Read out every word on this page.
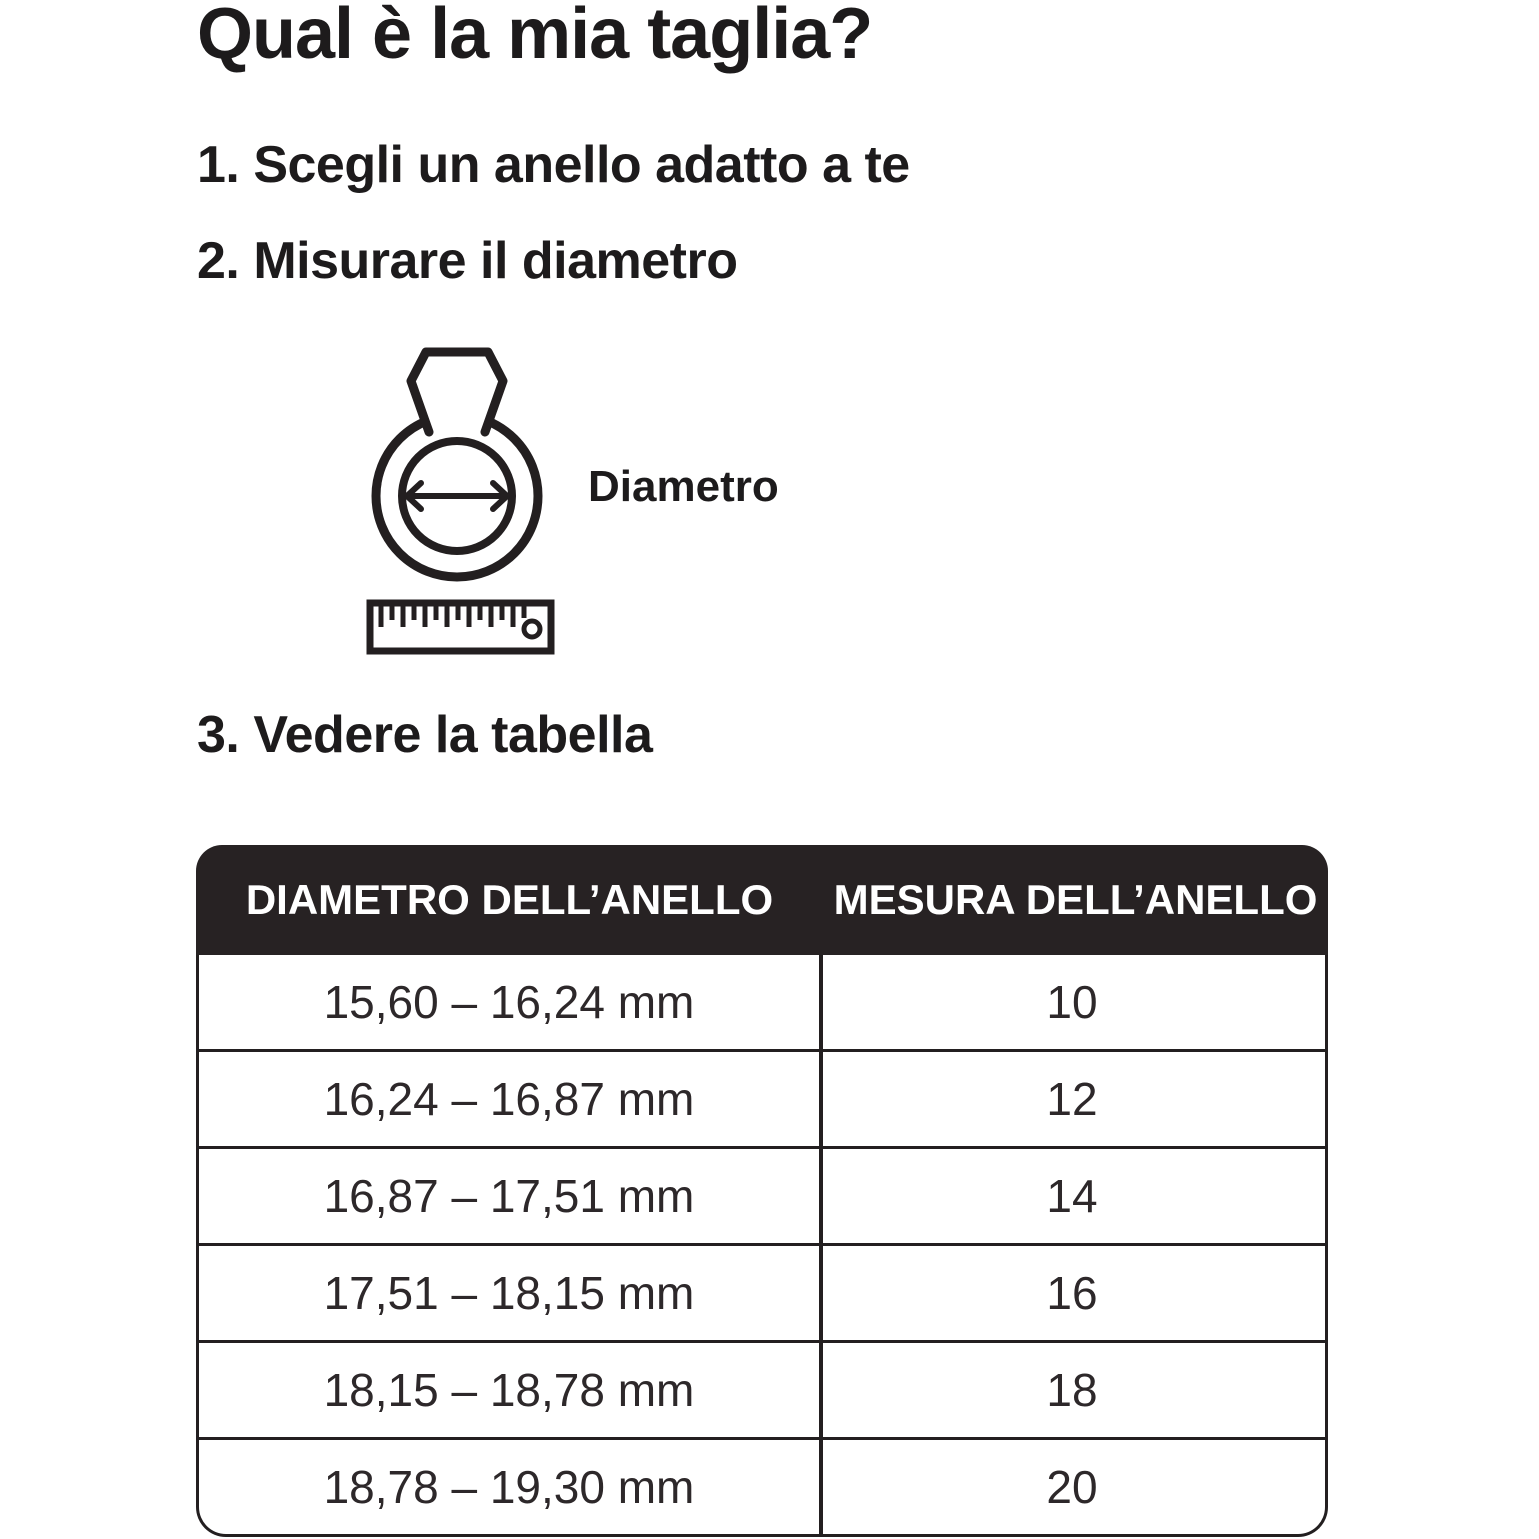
Qual è la mia taglia?
1. Scegli un anello adatto a te
2. Misurare il diametro
Diametro
3. Vedere la tabella
DIAMETRO DELL’ANELLO	MESURA DELL’ANELLO
15,60 – 16,24 mm	10
16,24 – 16,87 mm	12
16,87 – 17,51 mm	14
17,51 – 18,15 mm	16
18,15 – 18,78 mm	18
18,78 – 19,30 mm	20
